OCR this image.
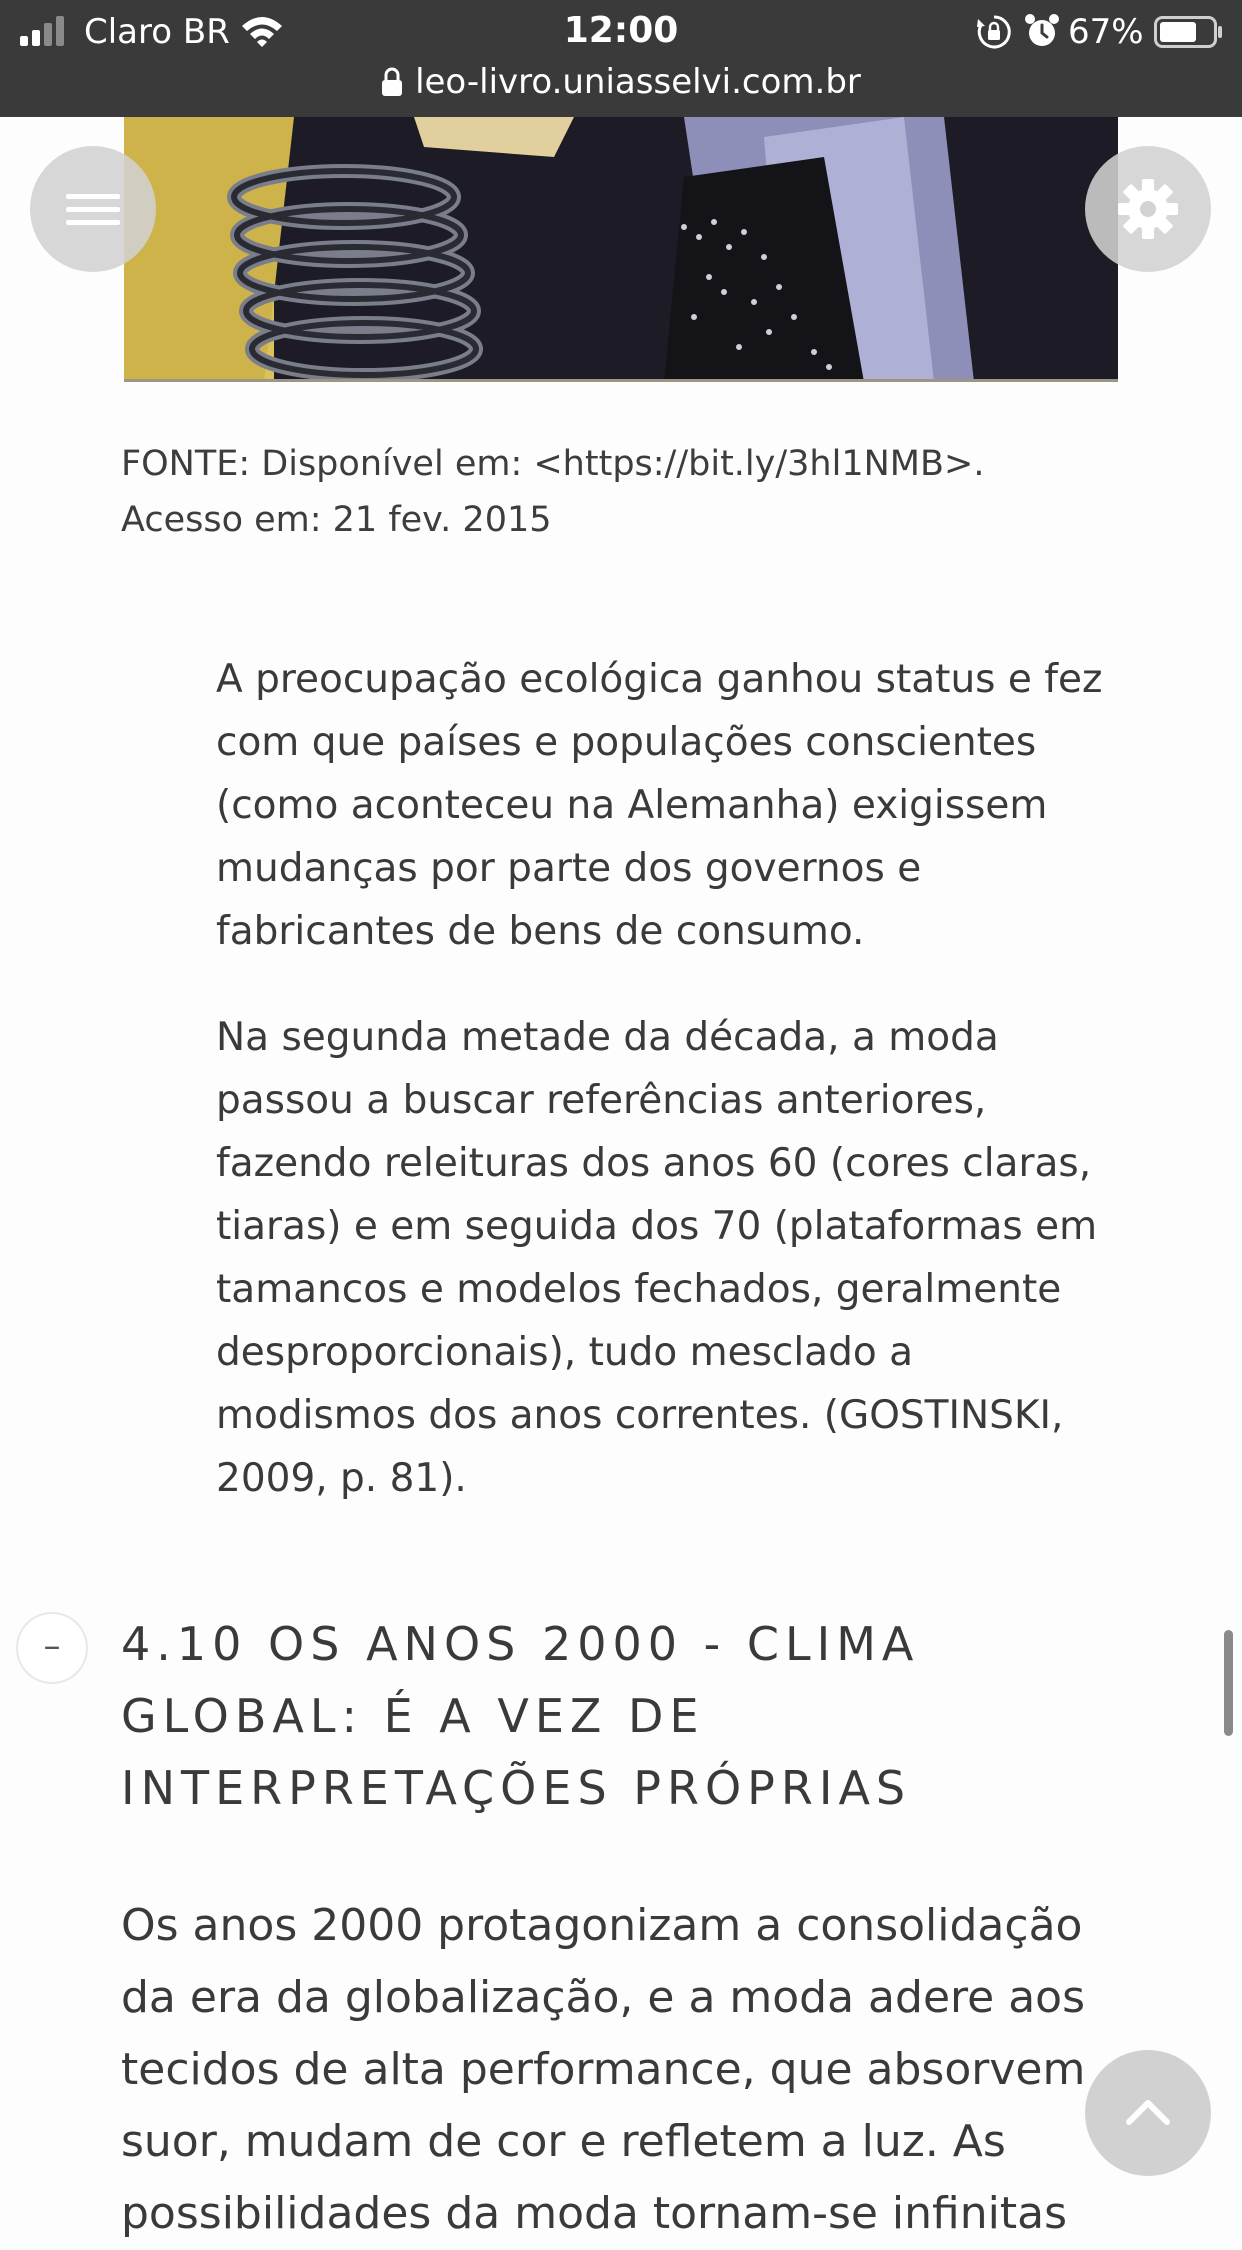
Claro BR	12:00	67%
leo-livro.uniasselvi.com.br
FONTE: Disponível em: <https://bit.ly/3hl1NMB>.
Acesso em: 21 fev. 2015
A preocupação ecológica ganhou status e fez com que países e populações conscientes (como aconteceu na Alemanha) exigissem mudanças por parte dos governos e fabricantes de bens de consumo.
Na segunda metade da década, a moda passou a buscar referências anteriores, fazendo releituras dos anos 60 (cores claras, tiaras) e em seguida dos 70 (plataformas em tamancos e modelos fechados, geralmente desproporcionais), tudo mesclado a modismos dos anos correntes. (GOSTINSKI, 2009, p. 81).
–	4.10 OS ANOS 2000 - CLIMA
GLOBAL: É A VEZ DE
INTERPRETAÇÕES PRÓPRIAS
Os anos 2000 protagonizam a consolidação
da era da globalização, e a moda adere aos
tecidos de alta performance, que absorvem
suor, mudam de cor e refletem a luz. As
possibilidades da moda tornam-se infinitas
